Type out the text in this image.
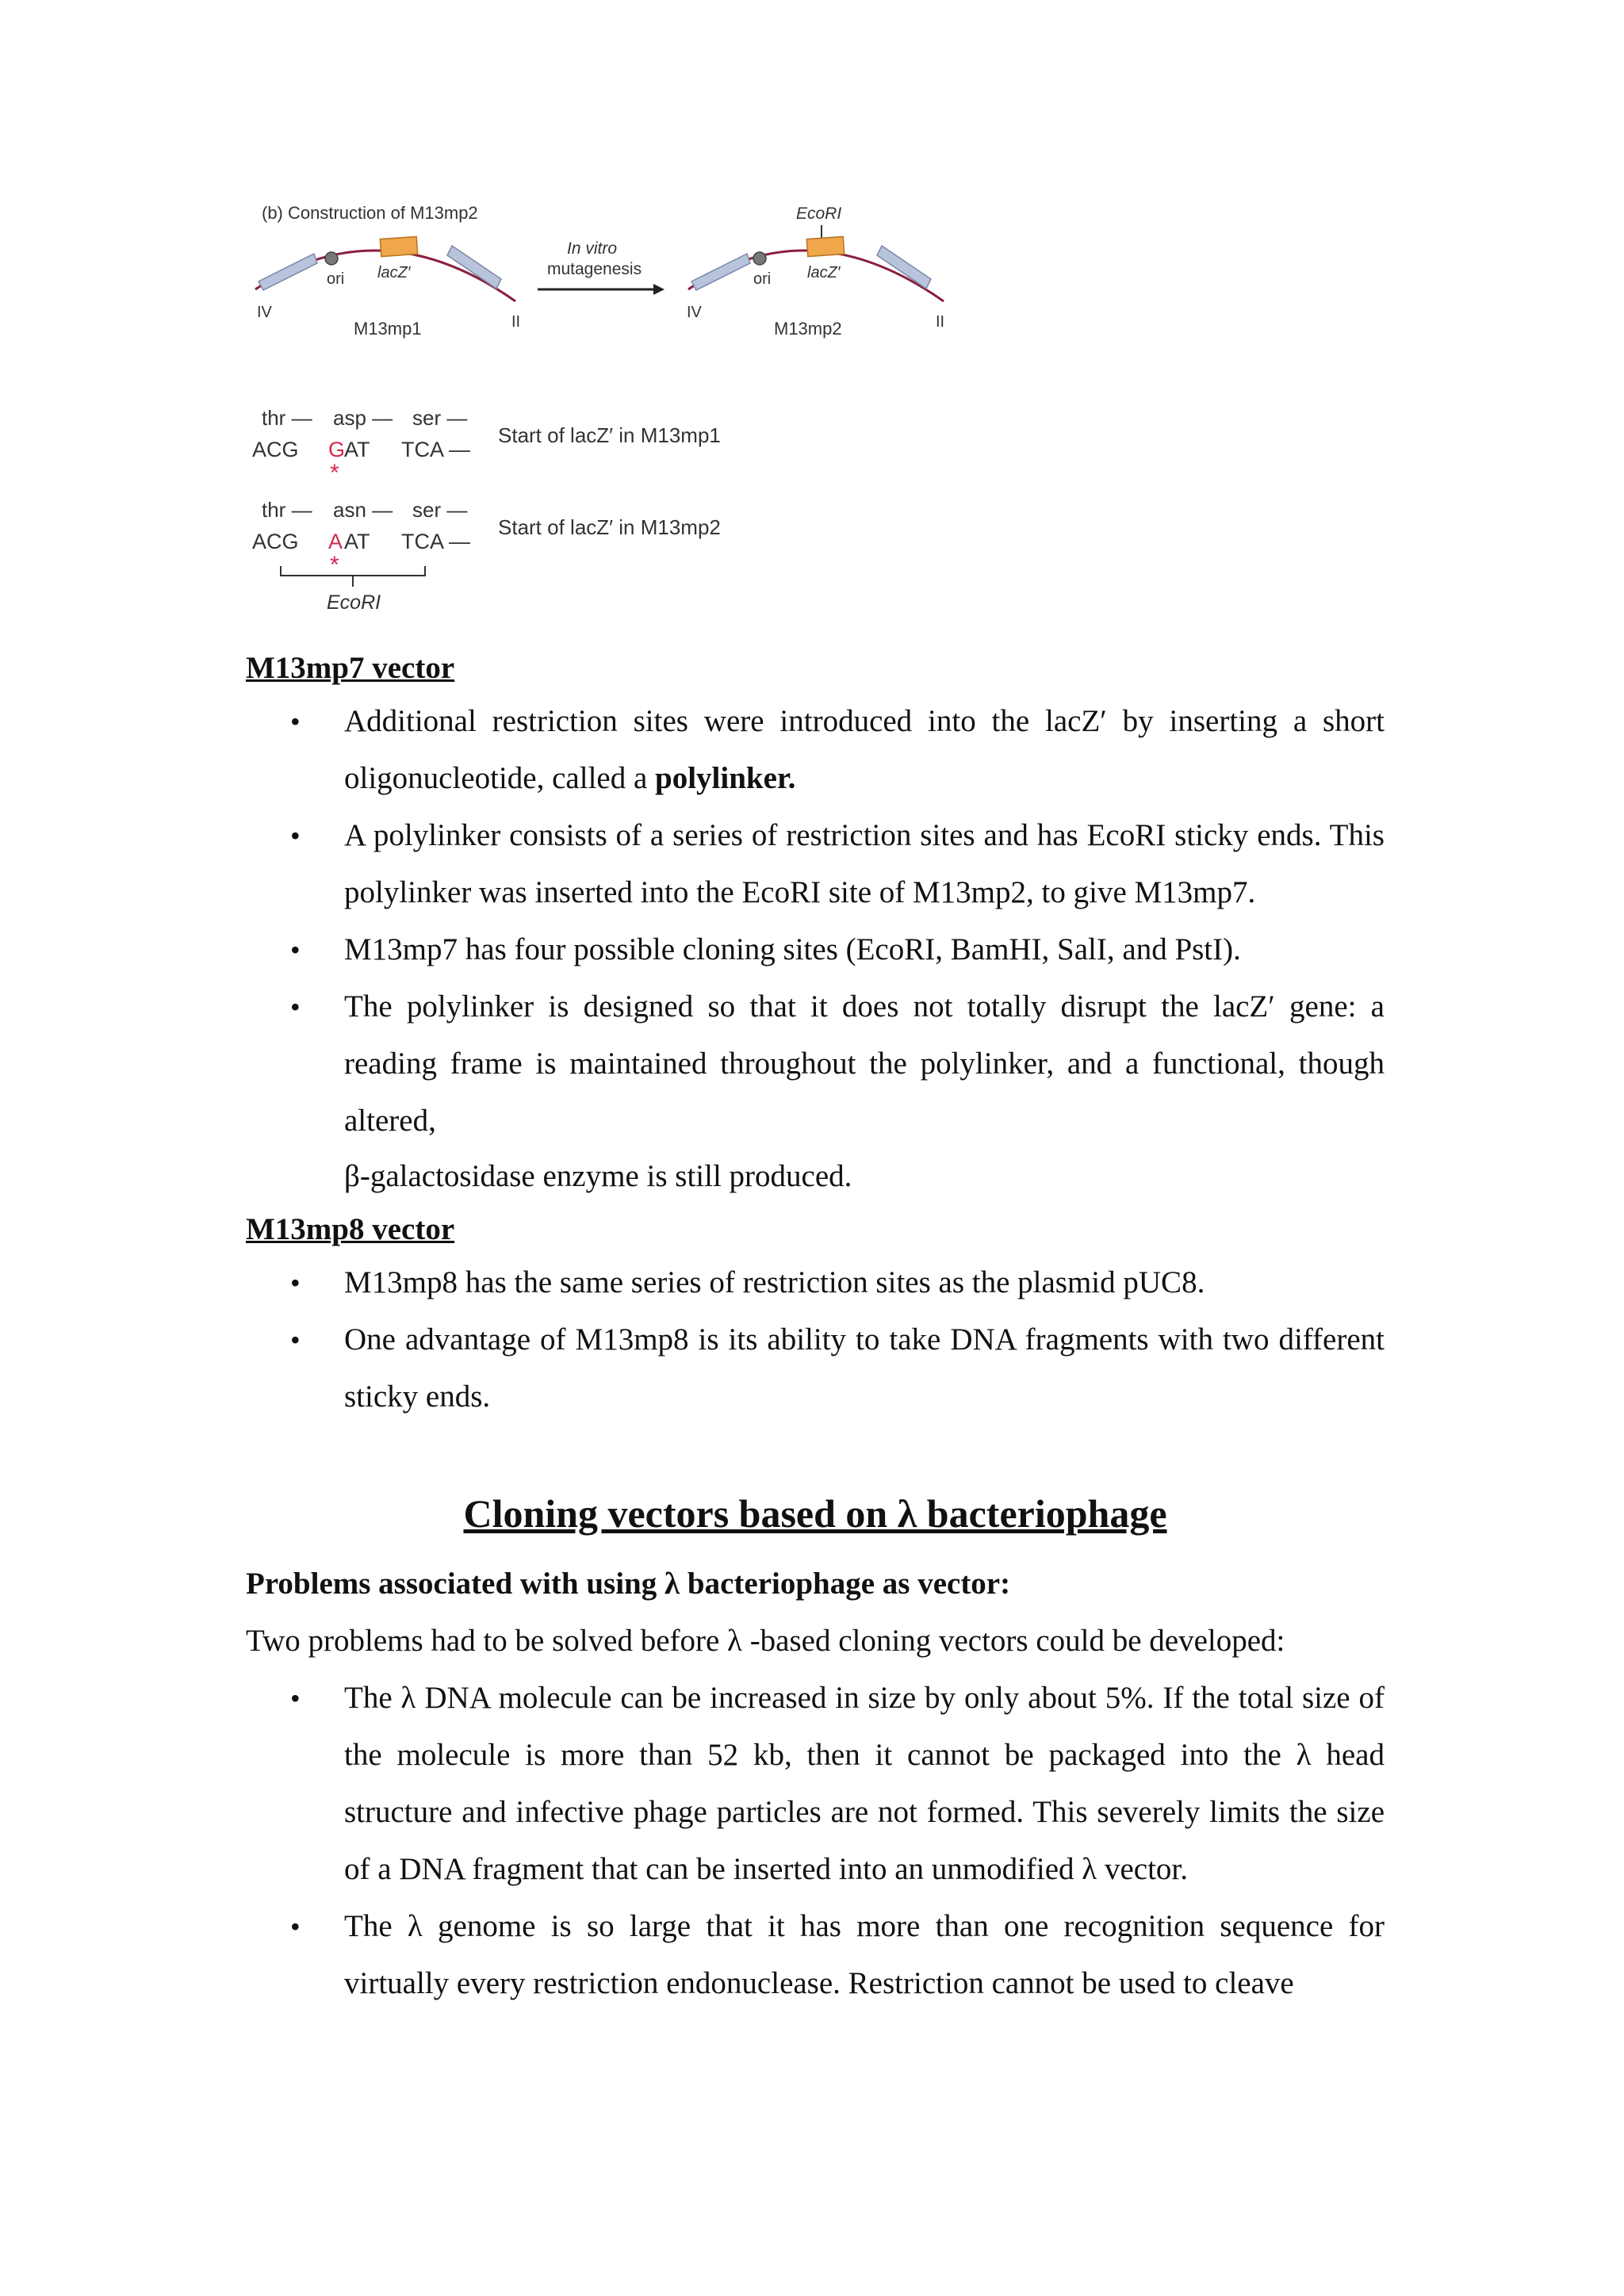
(b) Construction of M13mp2
ori lacZ′
IV
II
M13mp1
In vitro
mutagenesis
EcoRI
ori lacZ′
IV
II
M13mp2
thr — asp — ser —
ACG G
AT TCA —
*
Start of lacZ′ in M13mp1
thr — asn — ser —
ACG A AT TCA —
*
Start of lacZ′ in M13mp2
EcoRI

M13mp7 vector

• Additional restriction sites were introduced into the lacZ′ by inserting a short oligonucleotide, called a polylinker.
• A polylinker consists of a series of restriction sites and has EcoRI sticky ends. This polylinker was inserted into the EcoRI site of M13mp2, to give M13mp7.
• M13mp7 has four possible cloning sites (EcoRI, BamHI, SalI, and PstI).
• The polylinker is designed so that it does not totally disrupt the lacZ′ gene: a reading frame is maintained throughout the polylinker, and a functional, though altered,
β-galactosidase enzyme is still produced.

M13mp8 vector

• M13mp8 has the same series of restriction sites as the plasmid pUC8.
• One advantage of M13mp8 is its ability to take DNA fragments with two different sticky ends.

Cloning vectors based on λ bacteriophage

Problems associated with using λ bacteriophage as vector:

Two problems had to be solved before λ -based cloning vectors could be developed:

• The λ DNA molecule can be increased in size by only about 5%. If the total size of the molecule is more than 52 kb, then it cannot be packaged into the λ head structure and infective phage particles are not formed. This severely limits the size of a DNA fragment that can be inserted into an unmodified λ vector.
• The λ genome is so large that it has more than one recognition sequence for virtually every restriction endonuclease. Restriction cannot be used to cleave
